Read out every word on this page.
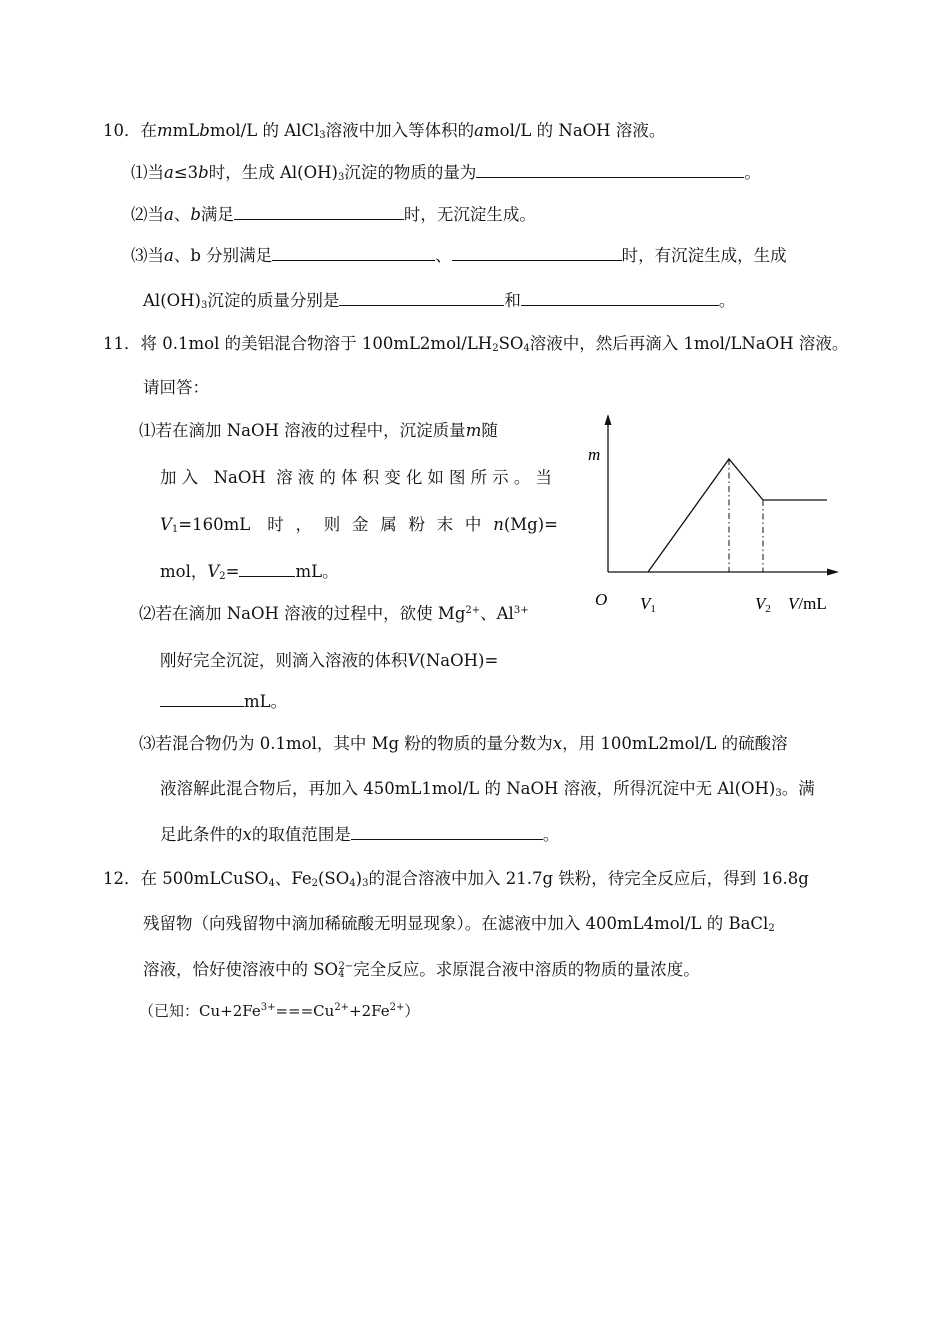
10．在mmLbmol/L 的 AlCl$_3$溶液中加入等体积的amol/L 的 NaOH 溶液。
⑴当a≤3b时，生成 $Al(OH)_3$沉淀的物质的量为	。
⑵当a、b满足	时，无沉淀生成。
⑶当a、b 分别满足	、	时，有沉淀生成，生成
$Al(OH)_3$沉淀的质量分别是	和	。
11．将 0.1mol 的美铝混合物溶于 $100mL2mol/LH_2SO_4$溶液中，然后再滴入 1mol/LNaOH 溶液。
请回答：
⑴若在滴加 NaOH 溶液的过程中，沉淀质量m随
加入 NaOH 溶液的体积变化如图所示。当
$V_1=160mL$ 时，则金属粉末中n(Mg)=
mol，$V_2=$	mL。
⑵若在滴加 NaOH 溶液的过程中，欲使 $Mg^{2+}$、$Al^{3+}$
刚好完全沉淀，则滴入溶液的体积V(NaOH)=
mL。
⑶若混合物仍为 0.1mol，其中 Mg 粉的物质的量分数为x，用 100mL2mol/L 的硫酸溶
液溶解此混合物后，再加入 450mL1mol/L 的 NaOH 溶液，所得沉淀中无 $Al(OH)_3$。满
足此条件的x的取值范围是	。
m
O V1	V2 V/mL
12．在 500mLCuSO$_4$、$Fe_2(SO_4)_3$的混合溶液中加入 21.7g 铁粉，待完全反应后，得到 16.8g
残留物（向残留物中滴加稀硫酸无明显现象）。在滤液中加入 400mL4mol/L 的 BaCl$_2$
溶液，恰好使溶液中的 $SO_4^{2-}$完全反应。求原混合液中溶质的物质的量浓度。
（已知：$Cu+2Fe^{3+}===Cu^{2+}+2Fe^{2+}$）
